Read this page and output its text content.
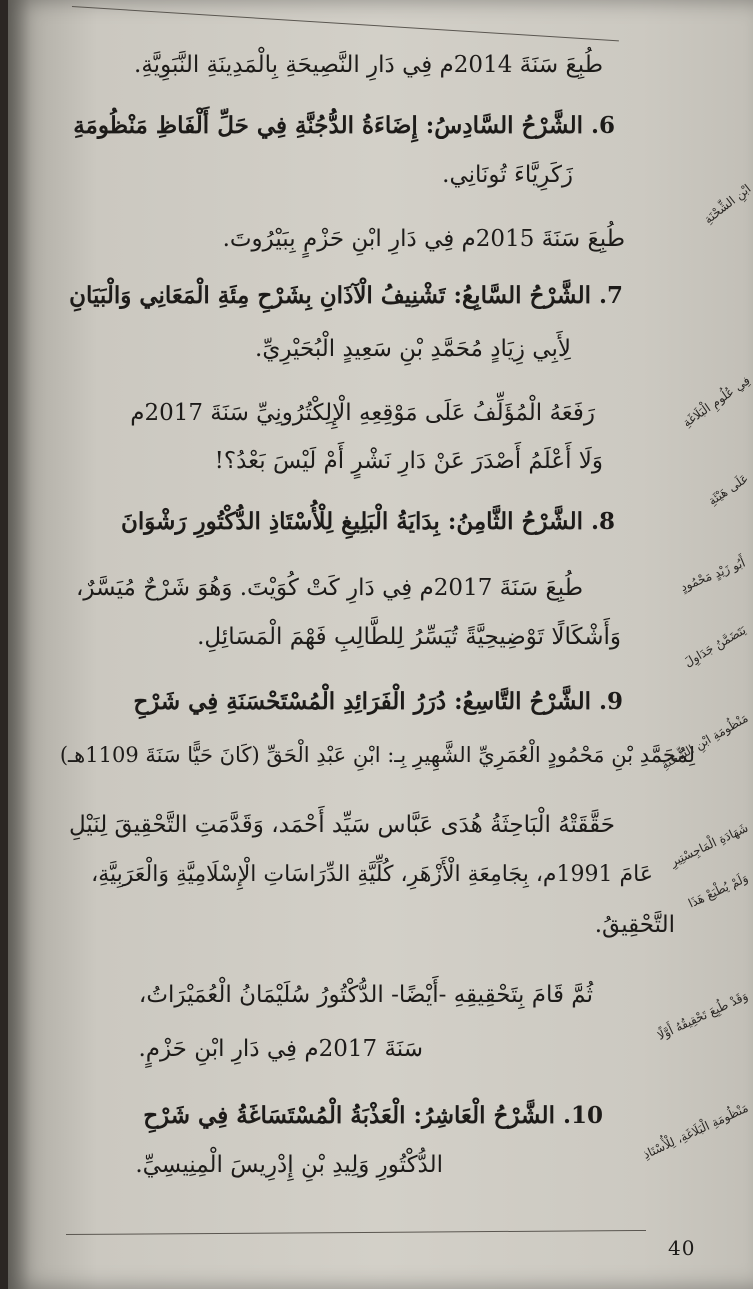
طُبِعَ سَنَةَ 2014م فِي دَارِ النَّصِيحَةِ بِالْمَدِينَةِ النَّبَوِيَّةِ.
6. الشَّرْحُ السَّادِسُ: إِضَاءَةُ الدُّجُنَّةِ فِي حَلِّ أَلْفَاظِ مَنْظُومَةِ
زَكَرِيَّاءَ تُونَانِي.
طُبِعَ سَنَةَ 2015م فِي دَارِ ابْنِ حَزْمٍ بِبَيْرُوتَ.
7. الشَّرْحُ السَّابِعُ: تَشْنِيفُ الْآذَانِ بِشَرْحِ مِئَةِ الْمَعَانِي وَالْبَيَانِ
لِأَبِي زِيَادٍ مُحَمَّدِ بْنِ سَعِيدٍ الْبُحَيْرِيِّ.
رَفَعَهُ الْمُؤَلِّفُ عَلَى مَوْقِعِهِ الْإِلِكْتُرُونِيِّ سَنَةَ 2017م
وَلَا أَعْلَمُ أَصْدَرَ عَنْ دَارِ نَشْرٍ أَمْ لَيْسَ بَعْدُ؟!
8. الشَّرْحُ الثَّامِنُ: بِدَايَةُ الْبَلِيغِ لِلْأُسْتَاذِ الدُّكْتُورِ رَشْوَانَ
طُبِعَ سَنَةَ 2017م فِي دَارِ كَتْ كُوَيْتَ. وَهُوَ شَرْحٌ مُيَسَّرٌ،
وَأَشْكَالًا تَوْضِيحِيَّةً تُيَسِّرُ لِلطَّالِبِ فَهْمَ الْمَسَائِلِ.
9. الشَّرْحُ التَّاسِعُ: دُرَرُ الْفَرَائِدِ الْمُسْتَحْسَنَةِ فِي شَرْحِ
لِمُحَمَّدِ بْنِ مَحْمُودٍ الْعُمَرِيِّ الشَّهِيرِ بِـ: ابْنِ عَبْدِ الْحَقِّ (كَانَ حَيًّا سَنَةَ 1109هـ)
حَقَّقَتْهُ الْبَاحِثَةُ هُدَى عَبَّاس سَيِّد أَحْمَد، وَقَدَّمَتِ التَّحْقِيقَ لِنَيْلِ
عَامَ 1991م، بِجَامِعَةِ الْأَزْهَرِ، كُلِّيَّةِ الدِّرَاسَاتِ الْإِسْلَامِيَّةِ وَالْعَرَبِيَّةِ،
التَّحْقِيقُ.
ثُمَّ قَامَ بِتَحْقِيقِهِ -أَيْضًا- الدُّكْتُورُ سُلَيْمَانُ الْعُمَيْرَاتُ،
سَنَةَ 2017م فِي دَارِ ابْنِ حَزْمٍ.
10. الشَّرْحُ الْعَاشِرُ: الْعَذْبَةُ الْمُسْتَسَاغَةُ فِي شَرْحِ
الدُّكْتُورِ وَلِيدِ بْنِ إِدْرِيسَ الْمِنِيسِيِّ.
ابْنِ الشِّحْنَةِ
فِي عُلُومِ الْبَلَاغَةِ
عَلَى هَيْئَةِ
أَبُو زَيْدٍ مَحْمُودٍ
يَتَضَمَّنُ جَدَاوِلَ
مَنْظُومَةِ ابْنِ الشِّحْنَةِ
شَهَادَةِ الْمَاجِسْتِيرِ
وَلَمْ يُطْبَعْ هَذَا
وَقَدْ طُبِعَ تَحْقِيقُهُ أَوَّلًا
مَنْظُومَةِ الْبَلَاغَةِ، لِلْأُسْتَاذِ
40
